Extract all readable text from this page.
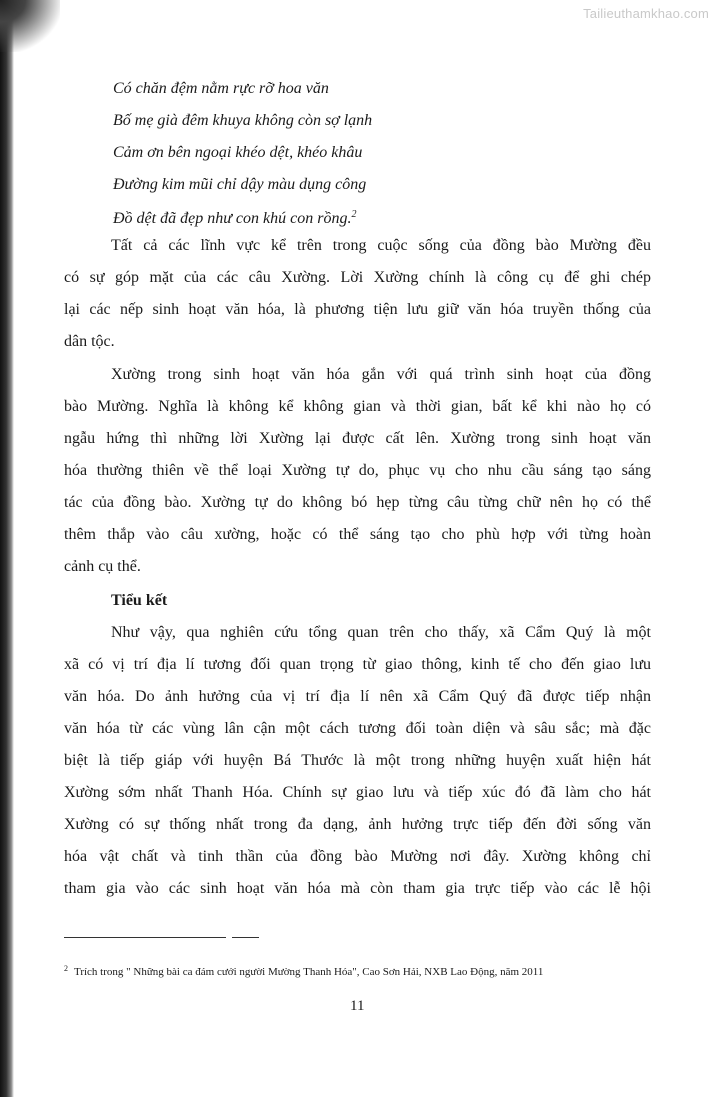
Tailieuthamkhao.com
Có chăn đệm nằm rực rỡ hoa văn
Bố mẹ già đêm khuya không còn sợ lạnh
Cảm ơn bên ngoại khéo dệt, khéo khâu
Đường kim mũi chỉ dậy màu dụng công
Đồ dệt đã đẹp như con khú con rồng.$^2$
Tất cả các lĩnh vực kể trên trong cuộc sống của đồng bào Mường đều
có sự góp mặt của các câu Xường. Lời Xường chính là công cụ để ghi chép
lại các nếp sinh hoạt văn hóa, là phương tiện lưu giữ văn hóa truyền thống của
dân tộc.
Xường trong sinh hoạt văn hóa gắn với quá trình sinh hoạt của đồng
bào Mường. Nghĩa là không kể không gian và thời gian, bất kể khi nào họ có
ngẫu hứng thì những lời Xường lại được cất lên. Xường trong sinh hoạt văn
hóa thường thiên về thể loại Xường tự do, phục vụ cho nhu cầu sáng tạo sáng
tác của đồng bào. Xường tự do không bó hẹp từng câu từng chữ nên họ có thể
thêm thắp vào câu xường, hoặc có thể sáng tạo cho phù hợp với từng hoàn
cảnh cụ thể.
Tiểu kết
Như vậy, qua nghiên cứu tổng quan trên cho thấy, xã Cẩm Quý là một
xã có vị trí địa lí tương đối quan trọng từ giao thông, kinh tế cho đến giao lưu
văn hóa. Do ảnh hưởng của vị trí địa lí nên xã Cẩm Quý đã được tiếp nhận
văn hóa từ các vùng lân cận một cách tương đối toàn diện và sâu sắc; mà đặc
biệt là tiếp giáp với huyện Bá Thước là một trong những huyện xuất hiện hát
Xường sớm nhất Thanh Hóa. Chính sự giao lưu và tiếp xúc đó đã làm cho hát
Xường có sự thống nhất trong đa dạng, ảnh hưởng trực tiếp đến đời sống văn
hóa vật chất và tinh thần của đồng bào Mường nơi đây. Xường không chỉ
tham gia vào các sinh hoạt văn hóa mà còn tham gia trực tiếp vào các lễ hội
$^2$ Trích trong " Những bài ca đám cưới người Mường Thanh Hóa", Cao Sơn Hải, NXB Lao Động, năm 2011
11
